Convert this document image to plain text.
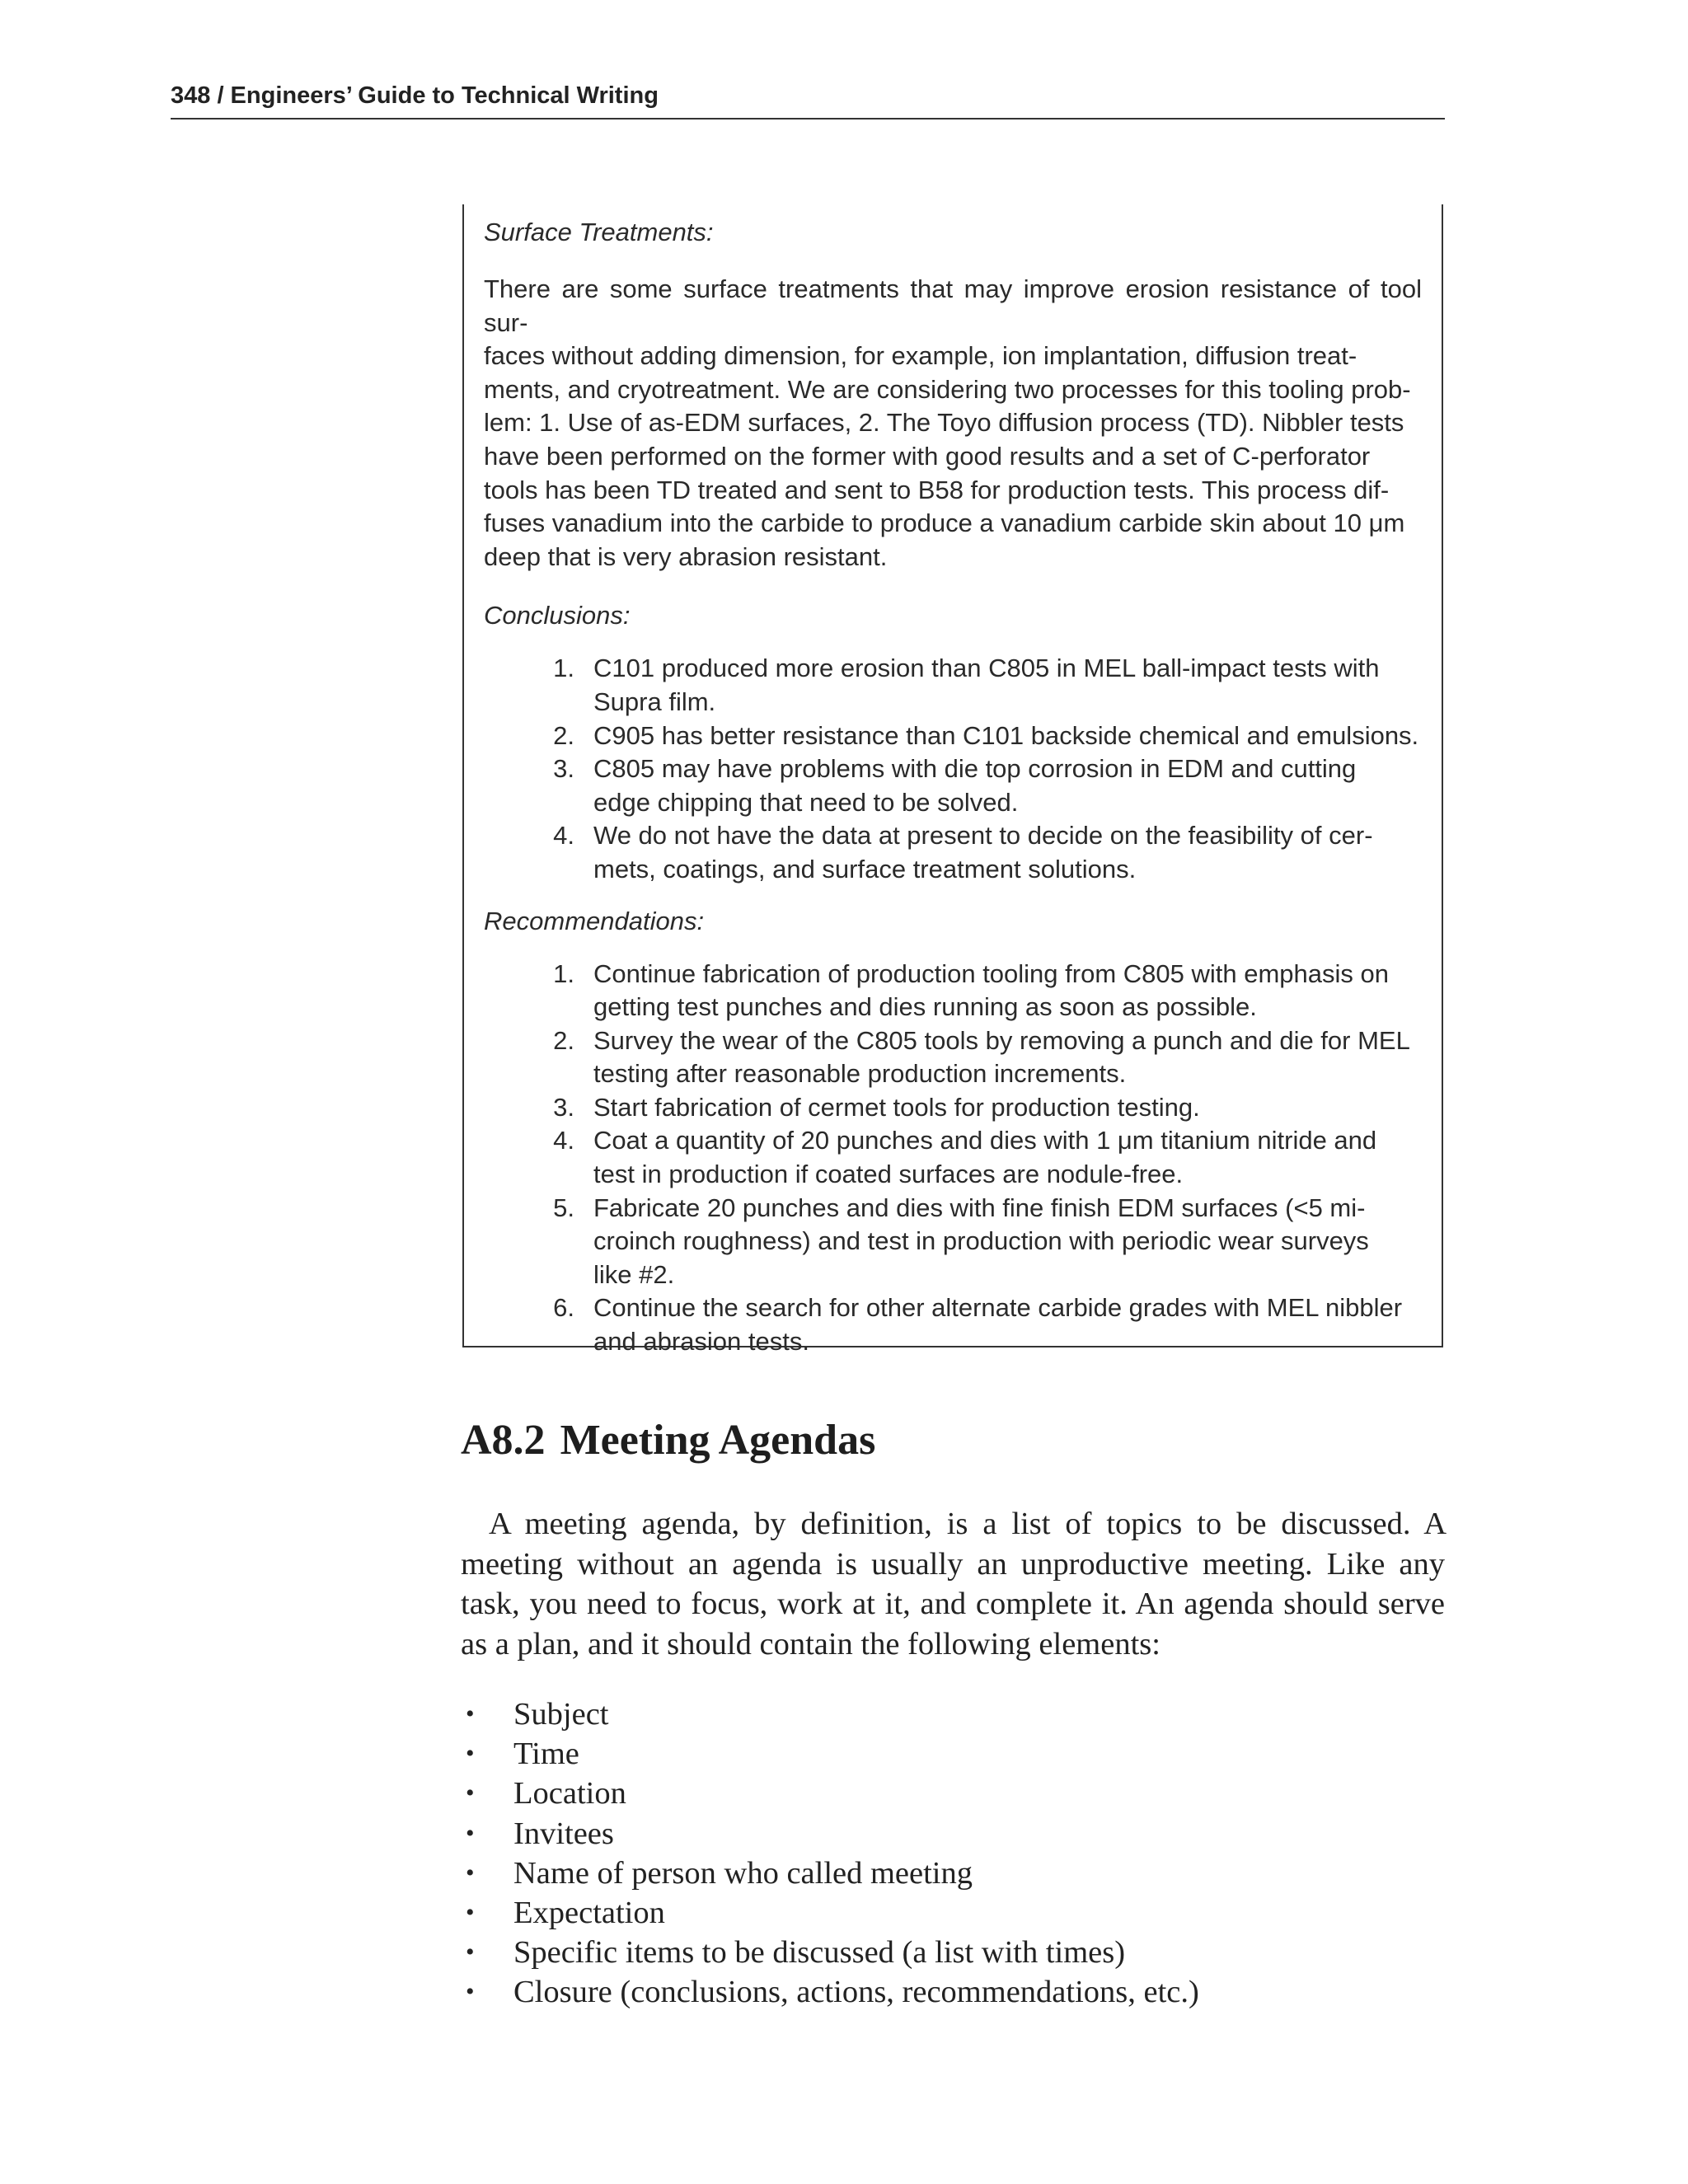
348 / Engineers’ Guide to Technical Writing
Surface Treatments:
There are some surface treatments that may improve erosion resistance of tool sur-
faces without adding dimension, for example, ion implantation, diffusion treat-
ments, and cryotreatment. We are considering two processes for this tooling prob-
lem: 1. Use of as-EDM surfaces, 2. The Toyo diffusion process (TD). Nibbler tests
have been performed on the former with good results and a set of C-perforator
tools has been TD treated and sent to B58 for production tests. This process dif-
fuses vanadium into the carbide to produce a vanadium carbide skin about 10 μm
deep that is very abrasion resistant.
Conclusions:
1. C101 produced more erosion than C805 in MEL ball-impact tests with
Supra film.
2. C905 has better resistance than C101 backside chemical and emulsions.
3. C805 may have problems with die top corrosion in EDM and cutting
edge chipping that need to be solved.
4. We do not have the data at present to decide on the feasibility of cer-
mets, coatings, and surface treatment solutions.
Recommendations:
1. Continue fabrication of production tooling from C805 with emphasis on
getting test punches and dies running as soon as possible.
2. Survey the wear of the C805 tools by removing a punch and die for MEL
testing after reasonable production increments.
3. Start fabrication of cermet tools for production testing.
4. Coat a quantity of 20 punches and dies with 1 μm titanium nitride and
test in production if coated surfaces are nodule-free.
5. Fabricate 20 punches and dies with fine finish EDM surfaces (<5 mi-
croinch roughness) and test in production with periodic wear surveys
like #2.
6. Continue the search for other alternate carbide grades with MEL nibbler
and abrasion tests.
A8.2 Meeting Agendas
A meeting agenda, by definition, is a list of topics to be discussed. A meeting without an agenda is usually an unproductive meeting. Like any task, you need to focus, work at it, and complete it. An agenda should serve as a plan, and it should contain the following elements:
• Subject
• Time
• Location
• Invitees
• Name of person who called meeting
• Expectation
• Specific items to be discussed (a list with times)
• Closure (conclusions, actions, recommendations, etc.)
